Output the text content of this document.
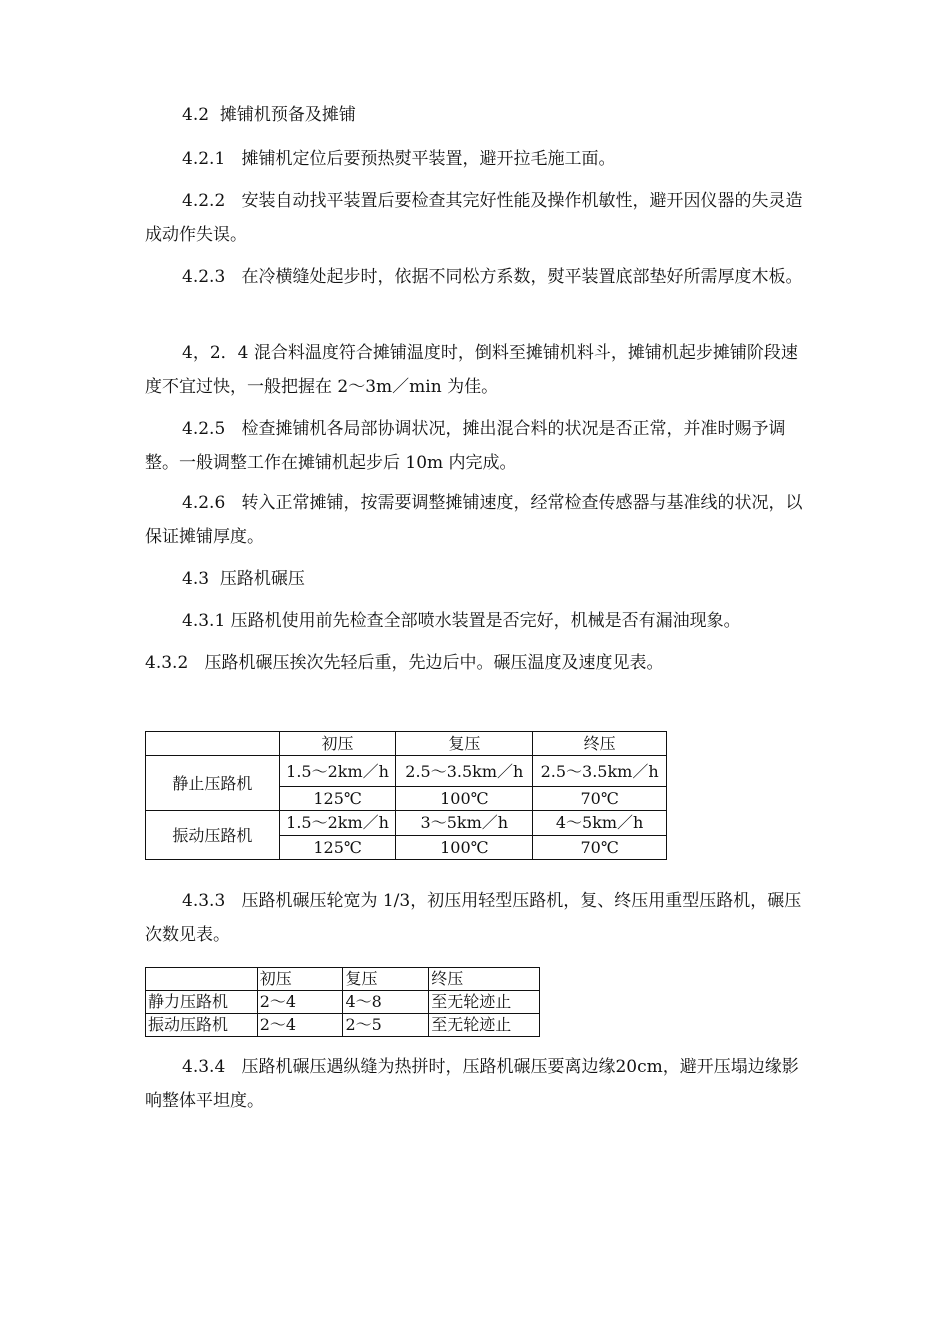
4.2  摊铺机预备及摊铺

4.2.1   摊铺机定位后要预热熨平装置，避开拉毛施工面。

4.2.2   安装自动找平装置后要检查其完好性能及操作机敏性，避开因仪器的失灵造成动作失误。

4.2.3   在冷横缝处起步时，依据不同松方系数，熨平装置底部垫好所需厚度木板。

4，2．4 混合料温度符合摊铺温度时，倒料至摊铺机料斗，摊铺机起步摊铺阶段速度不宜过快，一般把握在 2～3m／min 为佳。

4.2.5   检查摊铺机各局部协调状况，摊出混合料的状况是否正常，并准时赐予调整。一般调整工作在摊铺机起步后 10m 内完成。

4.2.6   转入正常摊铺，按需要调整摊铺速度，经常检查传感器与基准线的状况，以保证摊铺厚度。

4.3  压路机碾压

4.3.1 压路机使用前先检查全部喷水装置是否完好，机械是否有漏油现象。

4.3.2   压路机碾压挨次先轻后重，先边后中。碾压温度及速度见表。

	初压	复压	终压
静止压路机	1.5～2km／h	2.5～3.5km／h	2.5～3.5km／h
	125℃	100℃	70℃
振动压路机	1.5～2km／h	3～5km／h	4～5km／h
	125℃	100℃	70℃

4.3.3   压路机碾压轮宽为 1/3，初压用轻型压路机，复、终压用重型压路机，碾压次数见表。

	初压	复压	终压
静力压路机	2～4	4～8	至无轮迹止
振动压路机	2～4	2～5	至无轮迹止

4.3.4   压路机碾压遇纵缝为热拼时，压路机碾压要离边缘20cm，避开压塌边缘影响整体平坦度。
